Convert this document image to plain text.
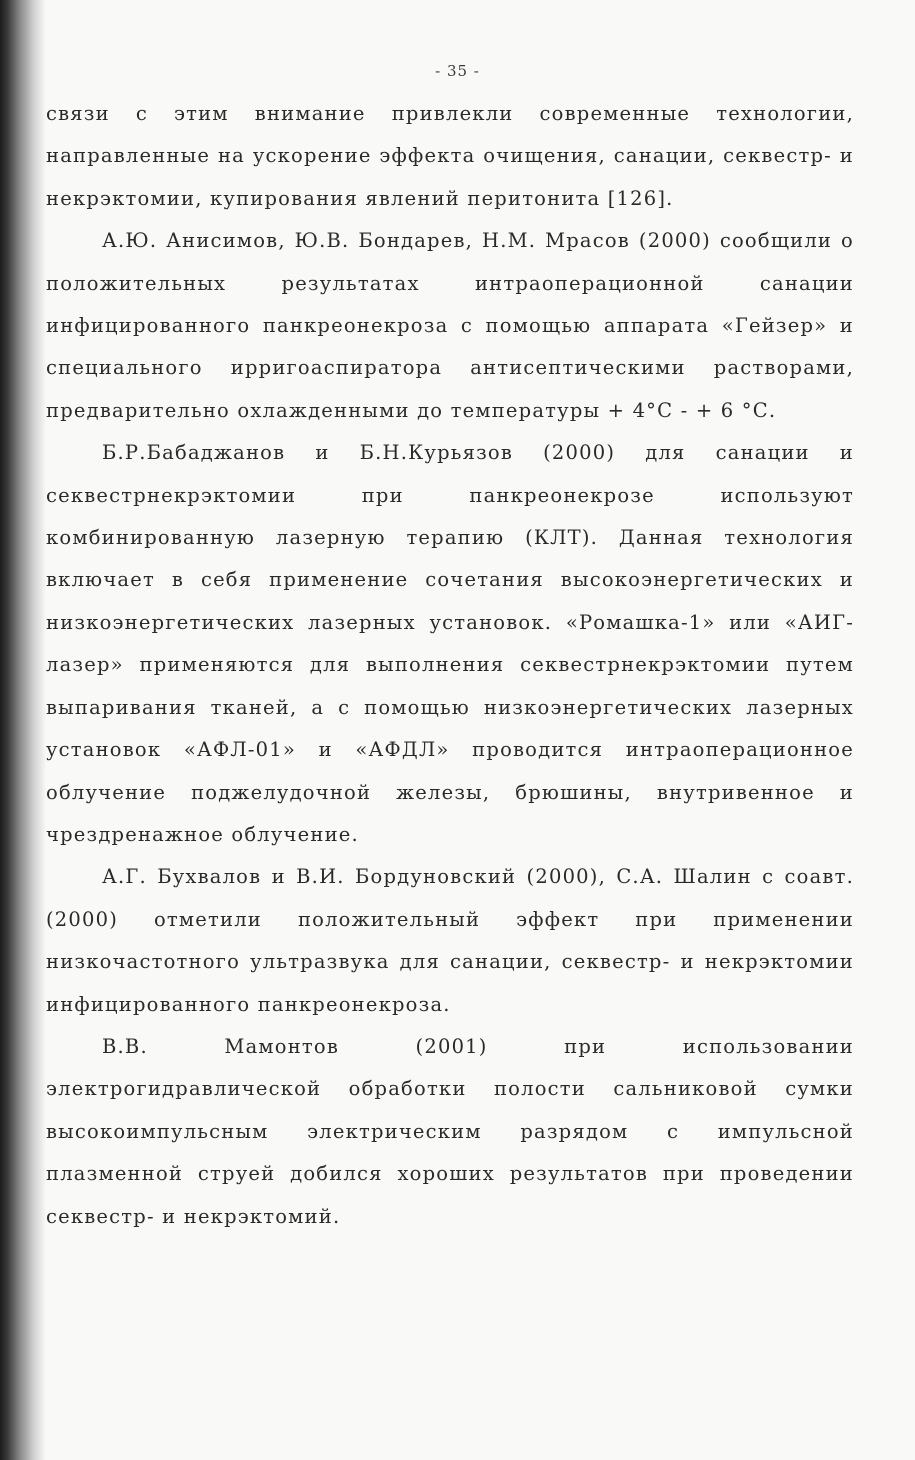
- 35 -

связи с этим внимание привлекли современные технологии, направленные на ускорение эффекта очищения, санации, секвестр- и некрэктомии, купирования явлений перитонита [126].

А.Ю. Анисимов, Ю.В. Бондарев, Н.М. Мрасов (2000) сообщили о положительных результатах интраоперационной санации инфицированного панкреонекроза с помощью аппарата «Гейзер» и специального ирригоаспиратора антисептическими растворами, предварительно охлажденными до температуры + 4°С - + 6 °С.

Б.Р.Бабаджанов и Б.Н.Курьязов (2000) для санации и секвестрнекрэктомии при панкреонекрозе используют комбинированную лазерную терапию (КЛТ). Данная технология включает в себя применение сочетания высокоэнергетических и низкоэнергетических лазерных установок. «Ромашка-1» или «АИГ-лазер» применяются для выполнения секвестрнекрэктомии путем выпаривания тканей, а с помощью низкоэнергетических лазерных установок «АФЛ-01» и «АФДЛ» проводится интраоперационное облучение поджелудочной железы, брюшины, внутривенное и чрездренажное облучение.

А.Г. Бухвалов и В.И. Бордуновский (2000), С.А. Шалин с соавт.(2000) отметили положительный эффект при применении низкочастотного ультразвука для санации, секвестр- и некрэктомии инфицированного панкреонекроза.

В.В. Мамонтов (2001) при использовании электрогидравлической обработки полости сальниковой сумки высокоимпульсным электрическим разрядом с импульсной плазменной струей добился хороших результатов при проведении секвестр- и некрэктомий.
